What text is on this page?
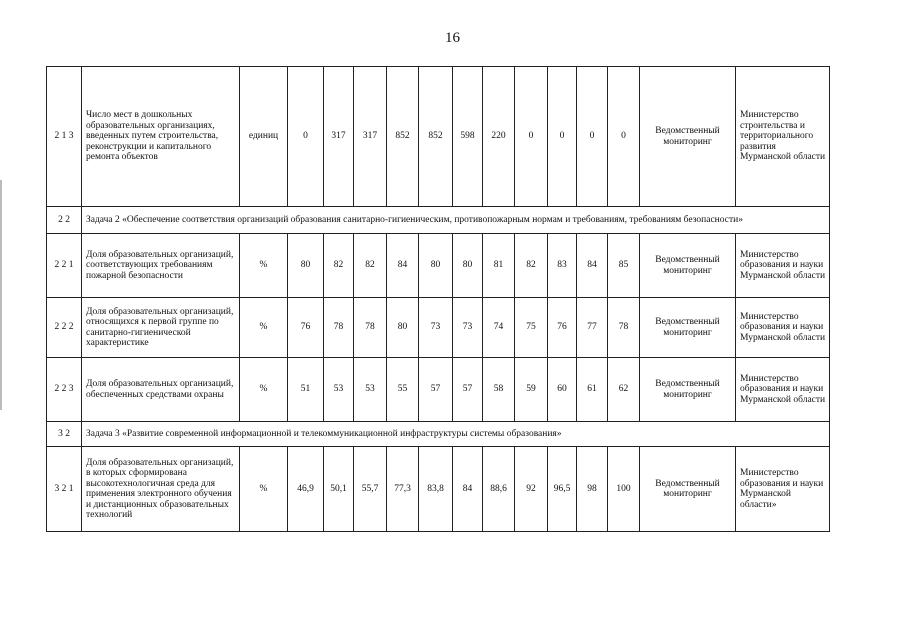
16
2 1 3	Число мест в дошкольных образовательных организациях, введенных путем строительства, реконструкции и капитального ремонта объектов	единиц	0	317	317	852	852	598	220	0	0	0	0	Ведомственный мониторинг	Министерство строительства и территориального развития Мурманской области
2 2	Задача 2 «Обеспечение соответствия организаций образования санитарно-гигиеническим, противопожарным нормам и требованиям, требованиям безопасности»														
2 2 1	Доля образовательных организаций, соответствующих требованиям пожарной безопасности	%	80	82	82	84	80	80	81	82	83	84	85	Ведомственный мониторинг	Министерство образования и науки Мурманской области
2 2 2	Доля образовательных организаций, относящихся к первой группе по санитарно-гигиенической характеристике	%	76	78	78	80	73	73	74	75	76	77	78	Ведомственный мониторинг	Министерство образования и науки Мурманской области
2 2 3	Доля образовательных организаций, обеспеченных средствами охраны	%	51	53	53	55	57	57	58	59	60	61	62	Ведомственный мониторинг	Министерство образования и науки Мурманской области
3 2	Задача 3 «Развитие современной информационной и телекоммуникационной инфраструктуры системы образования»														
3 2 1	Доля образовательных организаций, в которых сформирована высокотехнологичная среда для применения электронного обучения и дистанционных образовательных технологий	%	46,9	50,1	55,7	77,3	83,8	84	88,6	92	96,5	98	100	Ведомственный мониторинг	Министерство образования и науки Мурманской области»
